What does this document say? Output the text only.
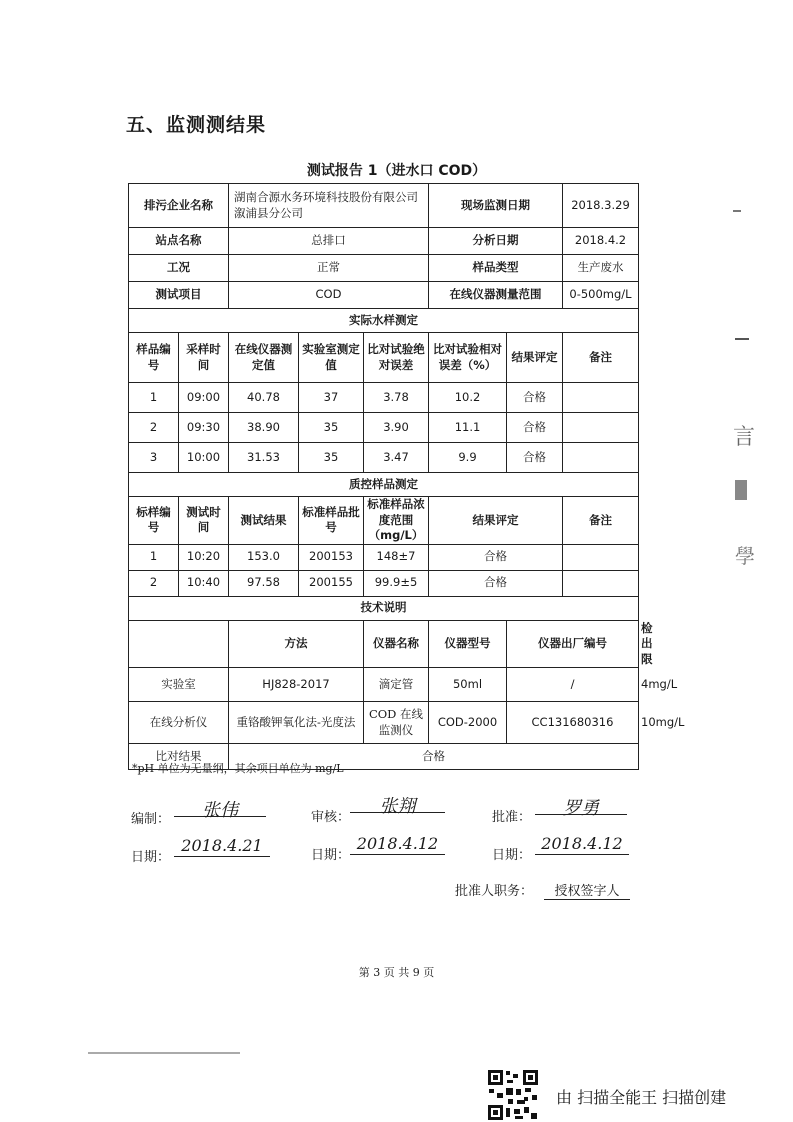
五、监测测结果
测试报告 1（进水口 COD）
排污企业名称		湖南合源水务环境科技股份有限公司溆浦县分公司			现场监测日期		2018.3.29	
站点名称		总排口			分析日期		2018.4.2	
工况		正常			样品类型		生产废水	
测试项目		COD			在线仪器测量范围		0-500mg/L	
实际水样测定								
样品编号	采样时间	在线仪器测定值	实验室测定值	比对试验绝对误差	比对试验相对误差（%）	结果评定	备注	
1	09:00	40.78	37	3.78	10.2	合格		
2	09:30	38.90	35	3.90	11.1	合格		
3	10:00	31.53	35	3.47	9.9	合格		
质控样品测定								
标样编号	测试时间	测试结果	标准样品批号	标准样品浓度范围（mg/L）	结果评定		备注	
1	10:20	153.0	200153	148±7	合格			
2	10:40	97.58	200155	99.9±5	合格			
技术说明								
		方法		仪器名称	仪器型号	仪器出厂编号		检出限
实验室		HJ828-2017		滴定管	50ml	/		4mg/L
在线分析仪		重铬酸钾氧化法-光度法		COD 在线监测仪	COD-2000	CC131680316		10mg/L
比对结果		合格						
*pH 单位为无量纲，其余项目单位为 mg/L
编制：	张伟	审核：
张翔
批准：	罗勇
日期：
2018.4.21
日期：
2018.4.12
日期：
2018.4.12
批准人职务：	授权签字人
第 3 页 共 9 页
言
學
由 扫描全能王 扫描创建
